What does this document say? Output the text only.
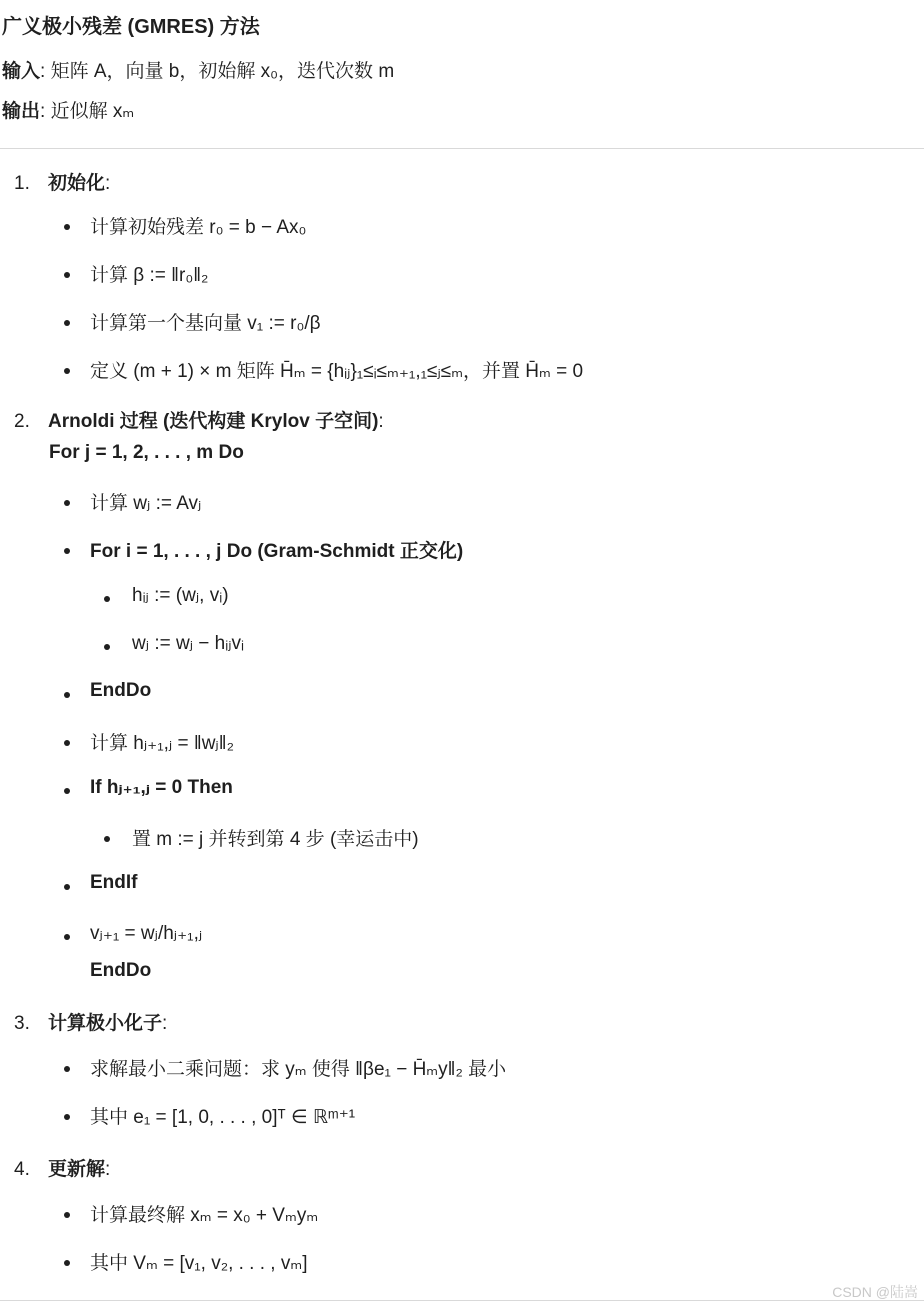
广义极小残差 (GMRES) 方法
输入: 矩阵 A，向量 b，初始解 x₀，迭代次数 m
输出: 近似解 xₘ
1. 初始化:
计算初始残差 r₀ = b − Ax₀
计算 β := ‖r₀‖₂
计算第一个基向量 v₁ := r₀/β
定义 (m + 1) × m 矩阵 H̄ₘ = {hᵢⱼ}₁≤ᵢ≤ₘ₊₁,₁≤ⱼ≤ₘ，并置 H̄ₘ = 0
2. Arnoldi 过程 (迭代构建 Krylov 子空间):
For j = 1, 2, . . . , m Do
计算 wⱼ := Avⱼ
For i = 1, . . . , j Do (Gram-Schmidt 正交化)
hᵢⱼ := (wⱼ, vᵢ)
wⱼ := wⱼ − hᵢⱼvᵢ
EndDo
计算 hⱼ₊₁,ⱼ = ‖wⱼ‖₂
If hⱼ₊₁,ⱼ = 0 Then
置 m := j 并转到第 4 步 (幸运击中)
EndIf
vⱼ₊₁ = wⱼ/hⱼ₊₁,ⱼ
EndDo
3. 计算极小化子:
求解最小二乘问题：求 yₘ 使得 ‖βe₁ − H̄ₘy‖₂ 最小
其中 e₁ = [1, 0, . . . , 0]ᵀ ∈ ℝᵐ⁺¹
4. 更新解:
计算最终解 xₘ = x₀ + Vₘyₘ
其中 Vₘ = [v₁, v₂, . . . , vₘ]
CSDN @陆嵩
